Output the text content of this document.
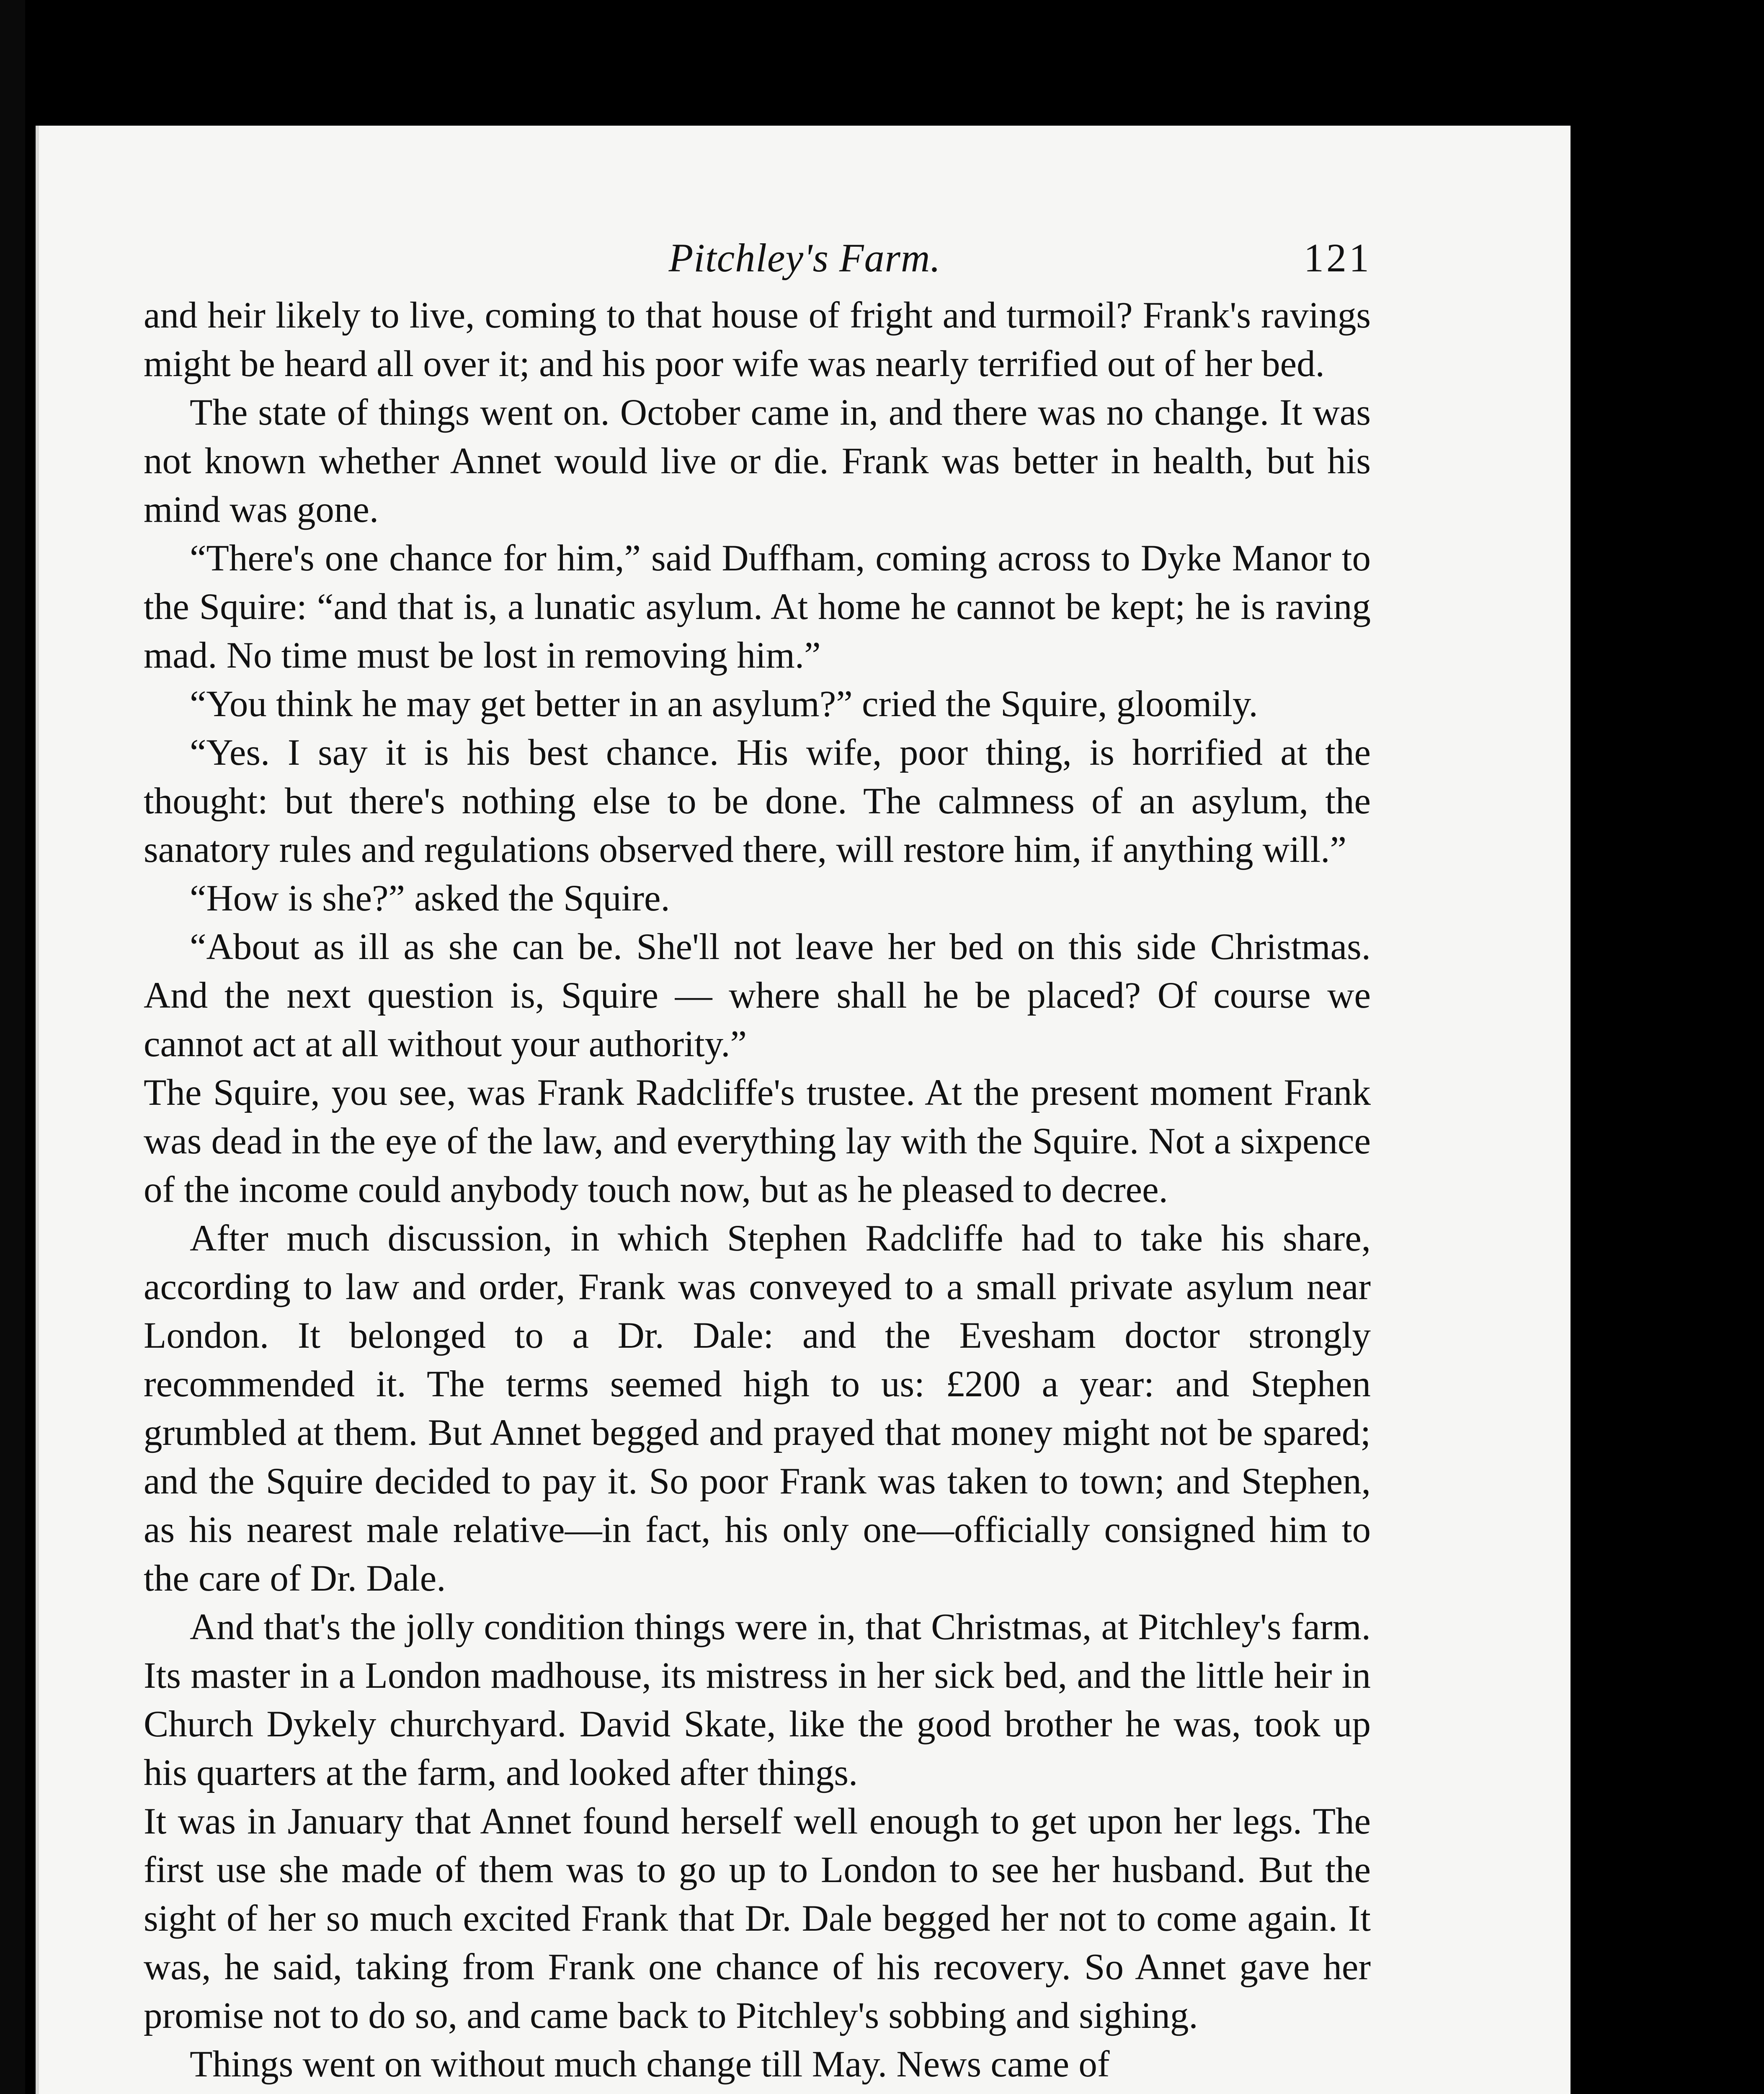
Pitchley's Farm.	121

and heir likely to live, coming to that house of fright and turmoil? Frank's ravings might be heard all over it; and his poor wife was nearly terrified out of her bed.

The state of things went on. October came in, and there was no change. It was not known whether Annet would live or die. Frank was better in health, but his mind was gone.

“There's one chance for him,” said Duffham, coming across to Dyke Manor to the Squire: “and that is, a lunatic asylum. At home he cannot be kept; he is raving mad. No time must be lost in removing him.”

“You think he may get better in an asylum?” cried the Squire, gloomily.

“Yes. I say it is his best chance. His wife, poor thing, is horrified at the thought: but there's nothing else to be done. The calmness of an asylum, the sanatory rules and regulations observed there, will restore him, if anything will.”

“How is she?” asked the Squire.

“About as ill as she can be. She'll not leave her bed on this side Christmas. And the next question is, Squire — where shall he be placed? Of course we cannot act at all without your authority.”

The Squire, you see, was Frank Radcliffe's trustee. At the present moment Frank was dead in the eye of the law, and everything lay with the Squire. Not a sixpence of the income could anybody touch now, but as he pleased to decree.

After much discussion, in which Stephen Radcliffe had to take his share, according to law and order, Frank was conveyed to a small private asylum near London. It belonged to a Dr. Dale: and the Evesham doctor strongly recommended it. The terms seemed high to us: £200 a year: and Stephen grumbled at them. But Annet begged and prayed that money might not be spared; and the Squire decided to pay it. So poor Frank was taken to town; and Stephen, as his nearest male relative—in fact, his only one—officially consigned him to the care of Dr. Dale.

And that's the jolly condition things were in, that Christmas, at Pitchley's farm. Its master in a London madhouse, its mistress in her sick bed, and the little heir in Church Dykely churchyard. David Skate, like the good brother he was, took up his quarters at the farm, and looked after things.

It was in January that Annet found herself well enough to get upon her legs. The first use she made of them was to go up to London to see her husband. But the sight of her so much excited Frank that Dr. Dale begged her not to come again. It was, he said, taking from Frank one chance of his recovery. So Annet gave her promise not to do so, and came back to Pitchley's sobbing and sighing.

Things went on without much change till May. News came of
